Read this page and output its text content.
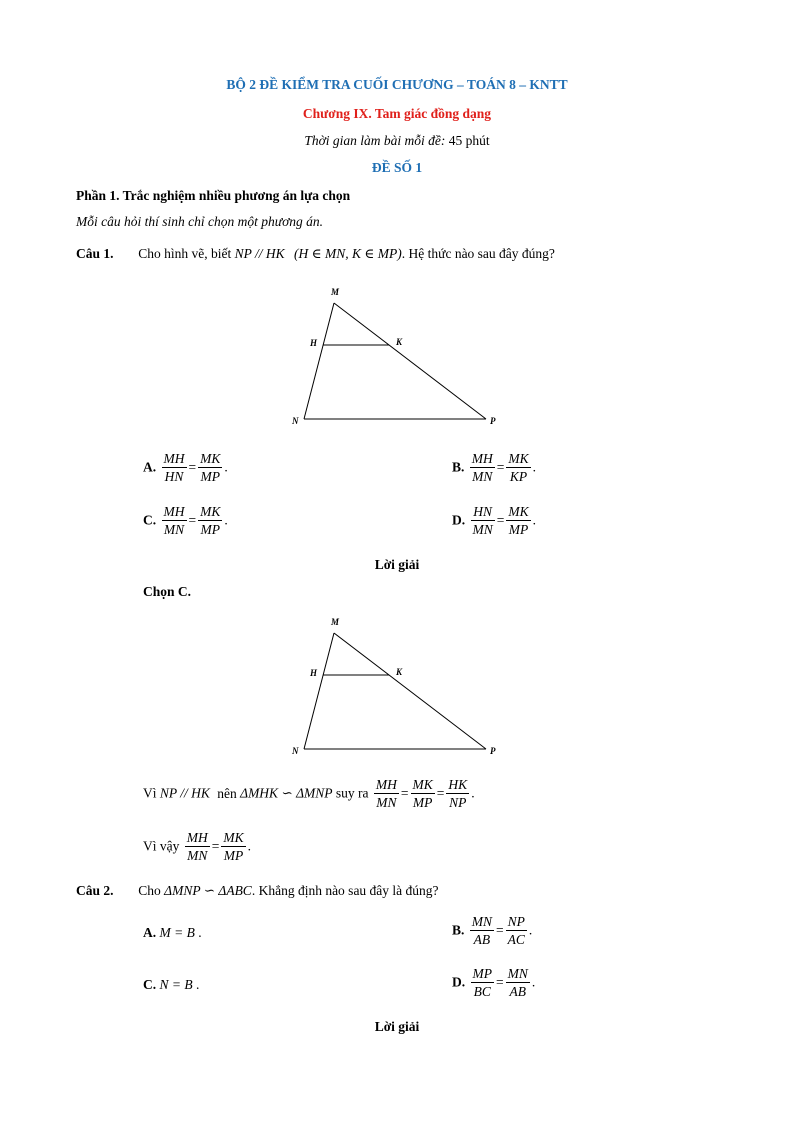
BỘ 2 ĐỀ KIỂM TRA CUỐI CHƯƠNG – TOÁN 8 – KNTT
Chương IX. Tam giác đồng dạng
Thời gian làm bài mỗi đề: 45 phút
ĐỀ SỐ 1
Phần 1. Trắc nghiệm nhiều phương án lựa chọn
Mỗi câu hỏi thí sinh chỉ chọn một phương án.
Câu 1. Cho hình vẽ, biết NP // HK (H ∈ MN, K ∈ MP). Hệ thức nào sau đây đúng?
M
H	K
N	P
A. $\frac{MH}{HN} = \frac{MK}{MP}$ .	B. $\frac{MH}{MN} = \frac{MK}{KP}$ .
C. $\frac{MH}{MN} = \frac{MK}{MP}$ .	D. $\frac{HN}{MN} = \frac{MK}{MP}$ .
Lời giải
Chọn C.
M
H	K
N	P
Vì NP // HK nên ΔMHK ∽ ΔMNP suy ra $\frac{MH}{MN} = \frac{MK}{MP} = \frac{HK}{NP}$ .
Vì vậy $\frac{MH}{MN} = \frac{MK}{MP}$ .
Câu 2. Cho ΔMNP ∽ ΔABC. Khẳng định nào sau đây là đúng?
A. M = B .	B. $\frac{MN}{AB} = \frac{NP}{AC}$ .
C. N = B .	D. $\frac{MP}{BC} = \frac{MN}{AB}$ .
Lời giải
